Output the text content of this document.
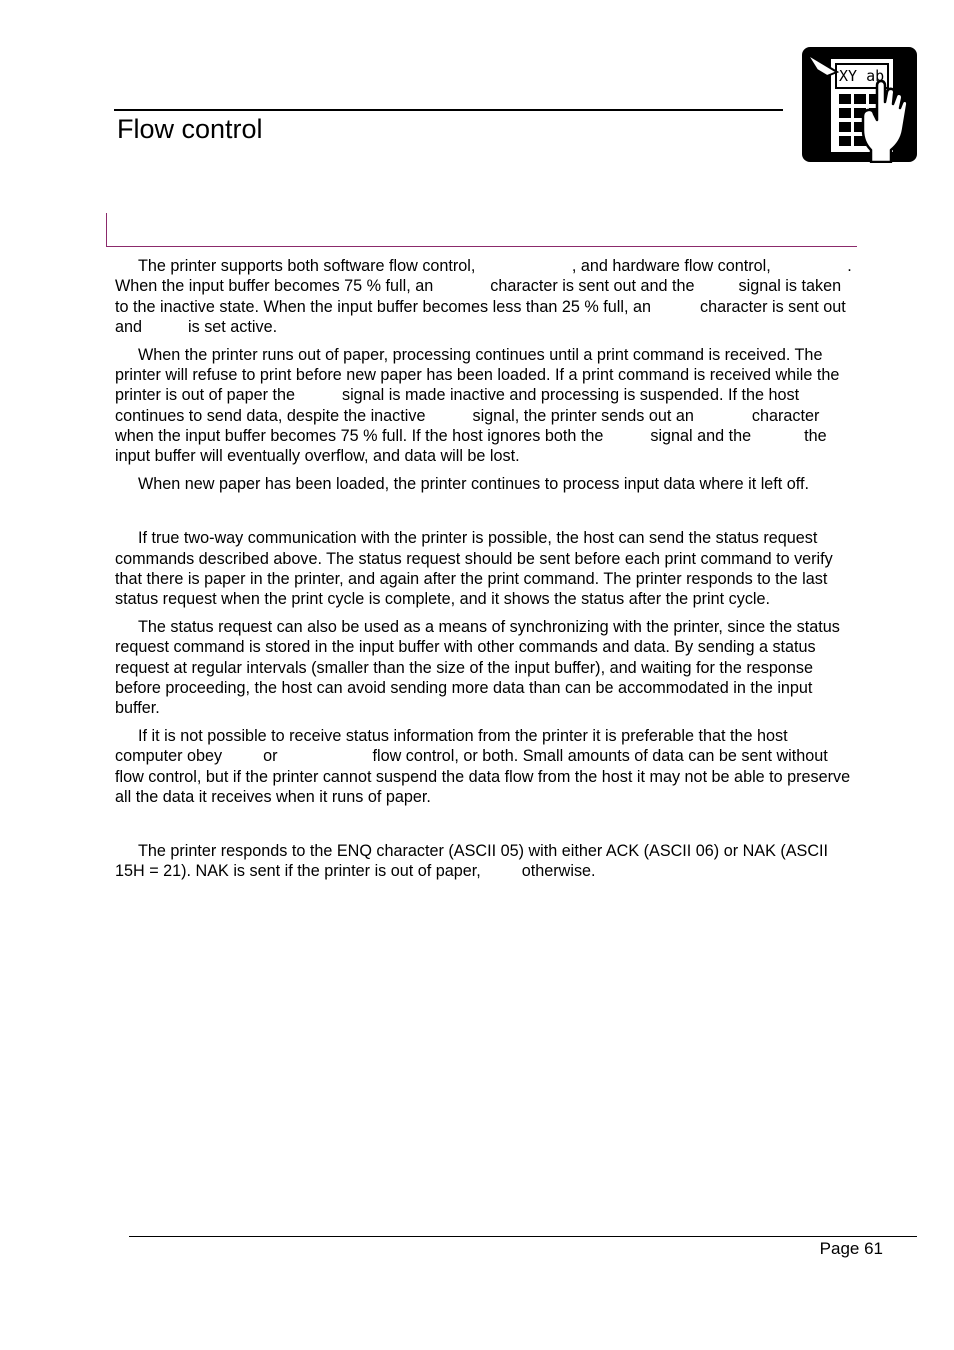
Flow control
XY ab

The printer supports both software flow control,	, and hardware flow control,	. When the input buffer becomes 75 % full, an	character is sent out and the	signal is taken to the inactive state. When the input buffer becomes less than 25 % full, an	character is sent out and	is set active.

When the printer runs out of paper, processing continues until a print command is received. The printer will refuse to print before new paper has been loaded. If a print command is received while the printer is out of paper the	signal is made inactive and processing is suspended. If the host continues to send data, despite the inactive	signal, the printer sends out an	character when the input buffer becomes 75 % full. If the host ignores both the	signal and the	the input buffer will eventually overflow, and data will be lost.

When new paper has been loaded, the printer continues to process input data where it left off.

If true two-way communication with the printer is possible, the host can send the status request commands described above. The status request should be sent before each print command to verify that there is paper in the printer, and again after the print command. The printer responds to the last status request when the print cycle is complete, and it shows the status after the print cycle.

The status request can also be used as a means of synchronizing with the printer, since the status request command is stored in the input buffer with other commands and data. By sending a status request at regular intervals (smaller than the size of the input buffer), and waiting for the response before proceeding, the host can avoid sending more data than can be accommodated in the input buffer.

If it is not possible to receive status information from the printer it is preferable that the host computer obey	or	flow control, or both. Small amounts of data can be sent without flow control, but if the printer cannot suspend the data flow from the host it may not be able to preserve all the data it receives when it runs of paper.

The printer responds to the ENQ character (ASCII 05) with either ACK (ASCII 06) or NAK (ASCII 15H = 21). NAK is sent if the printer is out of paper,	otherwise.

Page 61
